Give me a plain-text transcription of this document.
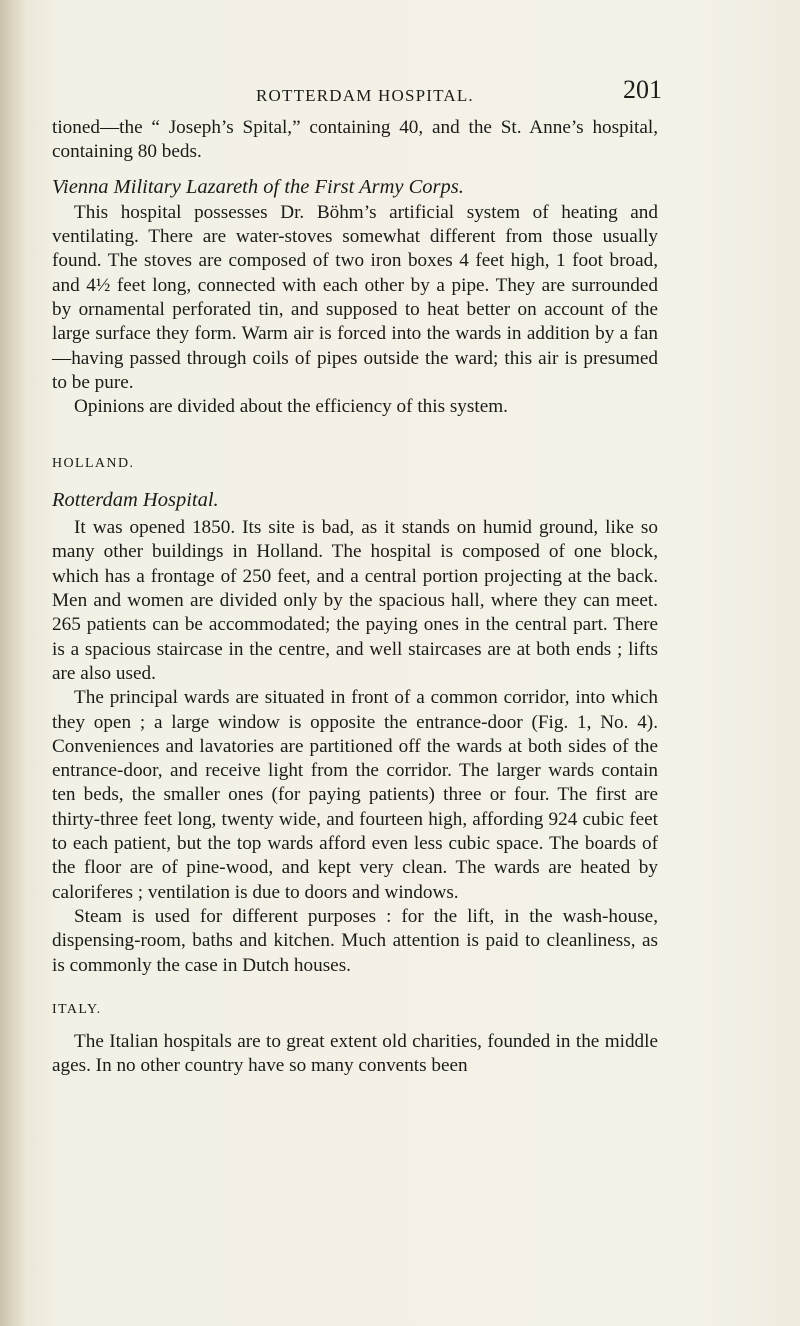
ROTTERDAM HOSPITAL.	201

tioned—the “ Joseph’s Spital,” containing 40, and the St. Anne’s hospital, containing 80 beds.

Vienna Military Lazareth of the First Army Corps.

This hospital possesses Dr. Böhm’s artificial system of heating and ventilating. There are water-stoves somewhat different from those usually found. The stoves are composed of two iron boxes 4 feet high, 1 foot broad, and 4½ feet long, connected with each other by a pipe. They are surrounded by ornamental perforated tin, and supposed to heat better on account of the large surface they form. Warm air is forced into the wards in addition by a fan —having passed through coils of pipes outside the ward; this air is presumed to be pure.

Opinions are divided about the efficiency of this system.

HOLLAND.

Rotterdam Hospital.

It was opened 1850. Its site is bad, as it stands on humid ground, like so many other buildings in Holland. The hospital is composed of one block, which has a frontage of 250 feet, and a central portion projecting at the back. Men and women are divided only by the spacious hall, where they can meet. 265 patients can be accommodated; the paying ones in the central part. There is a spacious staircase in the centre, and well staircases are at both ends ; lifts are also used.

The principal wards are situated in front of a common corridor, into which they open ; a large window is opposite the entrance-door (Fig. 1, No. 4). Conveniences and lavatories are partitioned off the wards at both sides of the entrance-door, and receive light from the corridor. The larger wards contain ten beds, the smaller ones (for paying patients) three or four. The first are thirty-three feet long, twenty wide, and fourteen high, affording 924 cubic feet to each patient, but the top wards afford even less cubic space. The boards of the floor are of pine-wood, and kept very clean. The wards are heated by caloriferes ; ventilation is due to doors and windows.

Steam is used for different purposes : for the lift, in the wash-house, dispensing-room, baths and kitchen. Much attention is paid to cleanliness, as is commonly the case in Dutch houses.

ITALY.

The Italian hospitals are to great extent old charities, founded in the middle ages. In no other country have so many convents been
